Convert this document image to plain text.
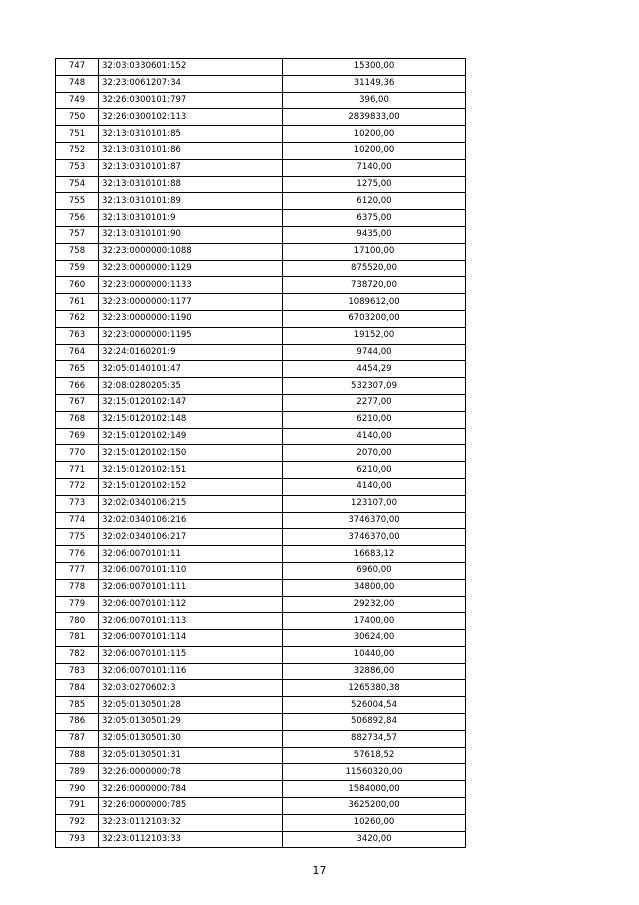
747	32:03:0330601:152	15300,00
748	32:23:0061207:34	31149,36
749	32:26:0300101:797	396,00
750	32:26:0300102:113	2839833,00
751	32:13:0310101:85	10200,00
752	32:13:0310101:86	10200,00
753	32:13:0310101:87	7140,00
754	32:13:0310101:88	1275,00
755	32:13:0310101:89	6120,00
756	32:13:0310101:9	6375,00
757	32:13:0310101:90	9435,00
758	32:23:0000000:1088	17100,00
759	32:23:0000000:1129	875520,00
760	32:23:0000000:1133	738720,00
761	32:23:0000000:1177	1089612,00
762	32:23:0000000:1190	6703200,00
763	32:23:0000000:1195	19152,00
764	32:24:0160201:9	9744,00
765	32:05:0140101:47	4454,29
766	32:08:0280205:35	532307,09
767	32:15:0120102:147	2277,00
768	32:15:0120102:148	6210,00
769	32:15:0120102:149	4140,00
770	32:15:0120102:150	2070,00
771	32:15:0120102:151	6210,00
772	32:15:0120102:152	4140,00
773	32:02:0340106:215	123107,00
774	32:02:0340106:216	3746370,00
775	32:02:0340106:217	3746370,00
776	32:06:0070101:11	16683,12
777	32:06:0070101:110	6960,00
778	32:06:0070101:111	34800,00
779	32:06:0070101:112	29232,00
780	32:06:0070101:113	17400,00
781	32:06:0070101:114	30624,00
782	32:06:0070101:115	10440,00
783	32:06:0070101:116	32886,00
784	32:03:0270602:3	1265380,38
785	32:05:0130501:28	526004,54
786	32:05:0130501:29	506892,84
787	32:05:0130501:30	882734,57
788	32:05:0130501:31	57618,52
789	32:26:0000000:78	11560320,00
790	32:26:0000000:784	1584000,00
791	32:26:0000000:785	3625200,00
792	32:23:0112103:32	10260,00
793	32:23:0112103:33	3420,00
17
